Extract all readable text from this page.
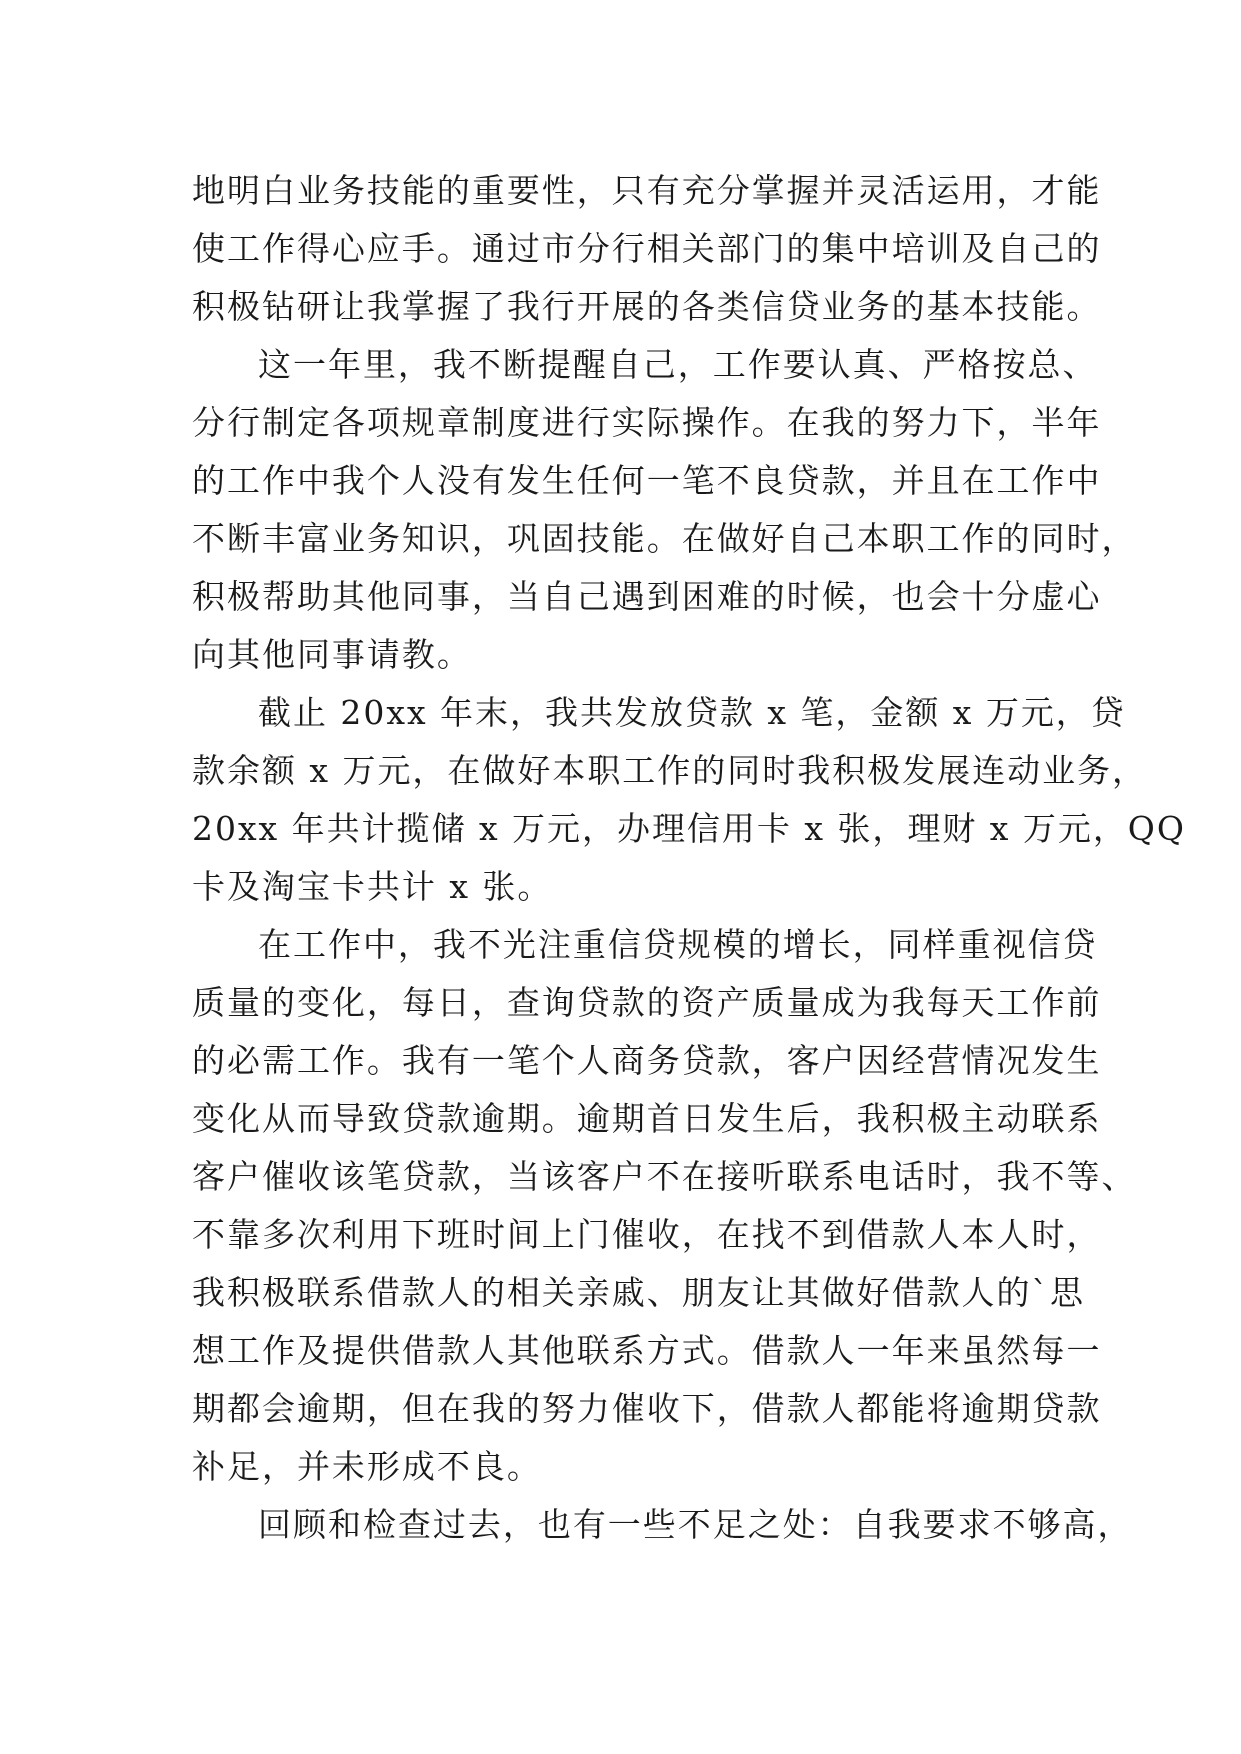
地明白业务技能的重要性，只有充分掌握并灵活运用，才能
使工作得心应手。通过市分行相关部门的集中培训及自己的
积极钻研让我掌握了我行开展的各类信贷业务的基本技能。
这一年里，我不断提醒自己，工作要认真、严格按总、
分行制定各项规章制度进行实际操作。在我的努力下，半年
的工作中我个人没有发生任何一笔不良贷款，并且在工作中
不断丰富业务知识，巩固技能。在做好自己本职工作的同时，
积极帮助其他同事，当自己遇到困难的时候，也会十分虚心
向其他同事请教。
截止 20xx 年末，我共发放贷款 x 笔，金额 x 万元，贷
款余额 x 万元，在做好本职工作的同时我积极发展连动业务，
20xx 年共计揽储 x 万元，办理信用卡 x 张，理财 x 万元，QQ
卡及淘宝卡共计 x 张。
在工作中，我不光注重信贷规模的增长，同样重视信贷
质量的变化，每日，查询贷款的资产质量成为我每天工作前
的必需工作。我有一笔个人商务贷款，客户因经营情况发生
变化从而导致贷款逾期。逾期首日发生后，我积极主动联系
客户催收该笔贷款，当该客户不在接听联系电话时，我不等、
不靠多次利用下班时间上门催收，在找不到借款人本人时，
我积极联系借款人的相关亲戚、朋友让其做好借款人的`思
想工作及提供借款人其他联系方式。借款人一年来虽然每一
期都会逾期，但在我的努力催收下，借款人都能将逾期贷款
补足，并未形成不良。
回顾和检查过去，也有一些不足之处：自我要求不够高，
